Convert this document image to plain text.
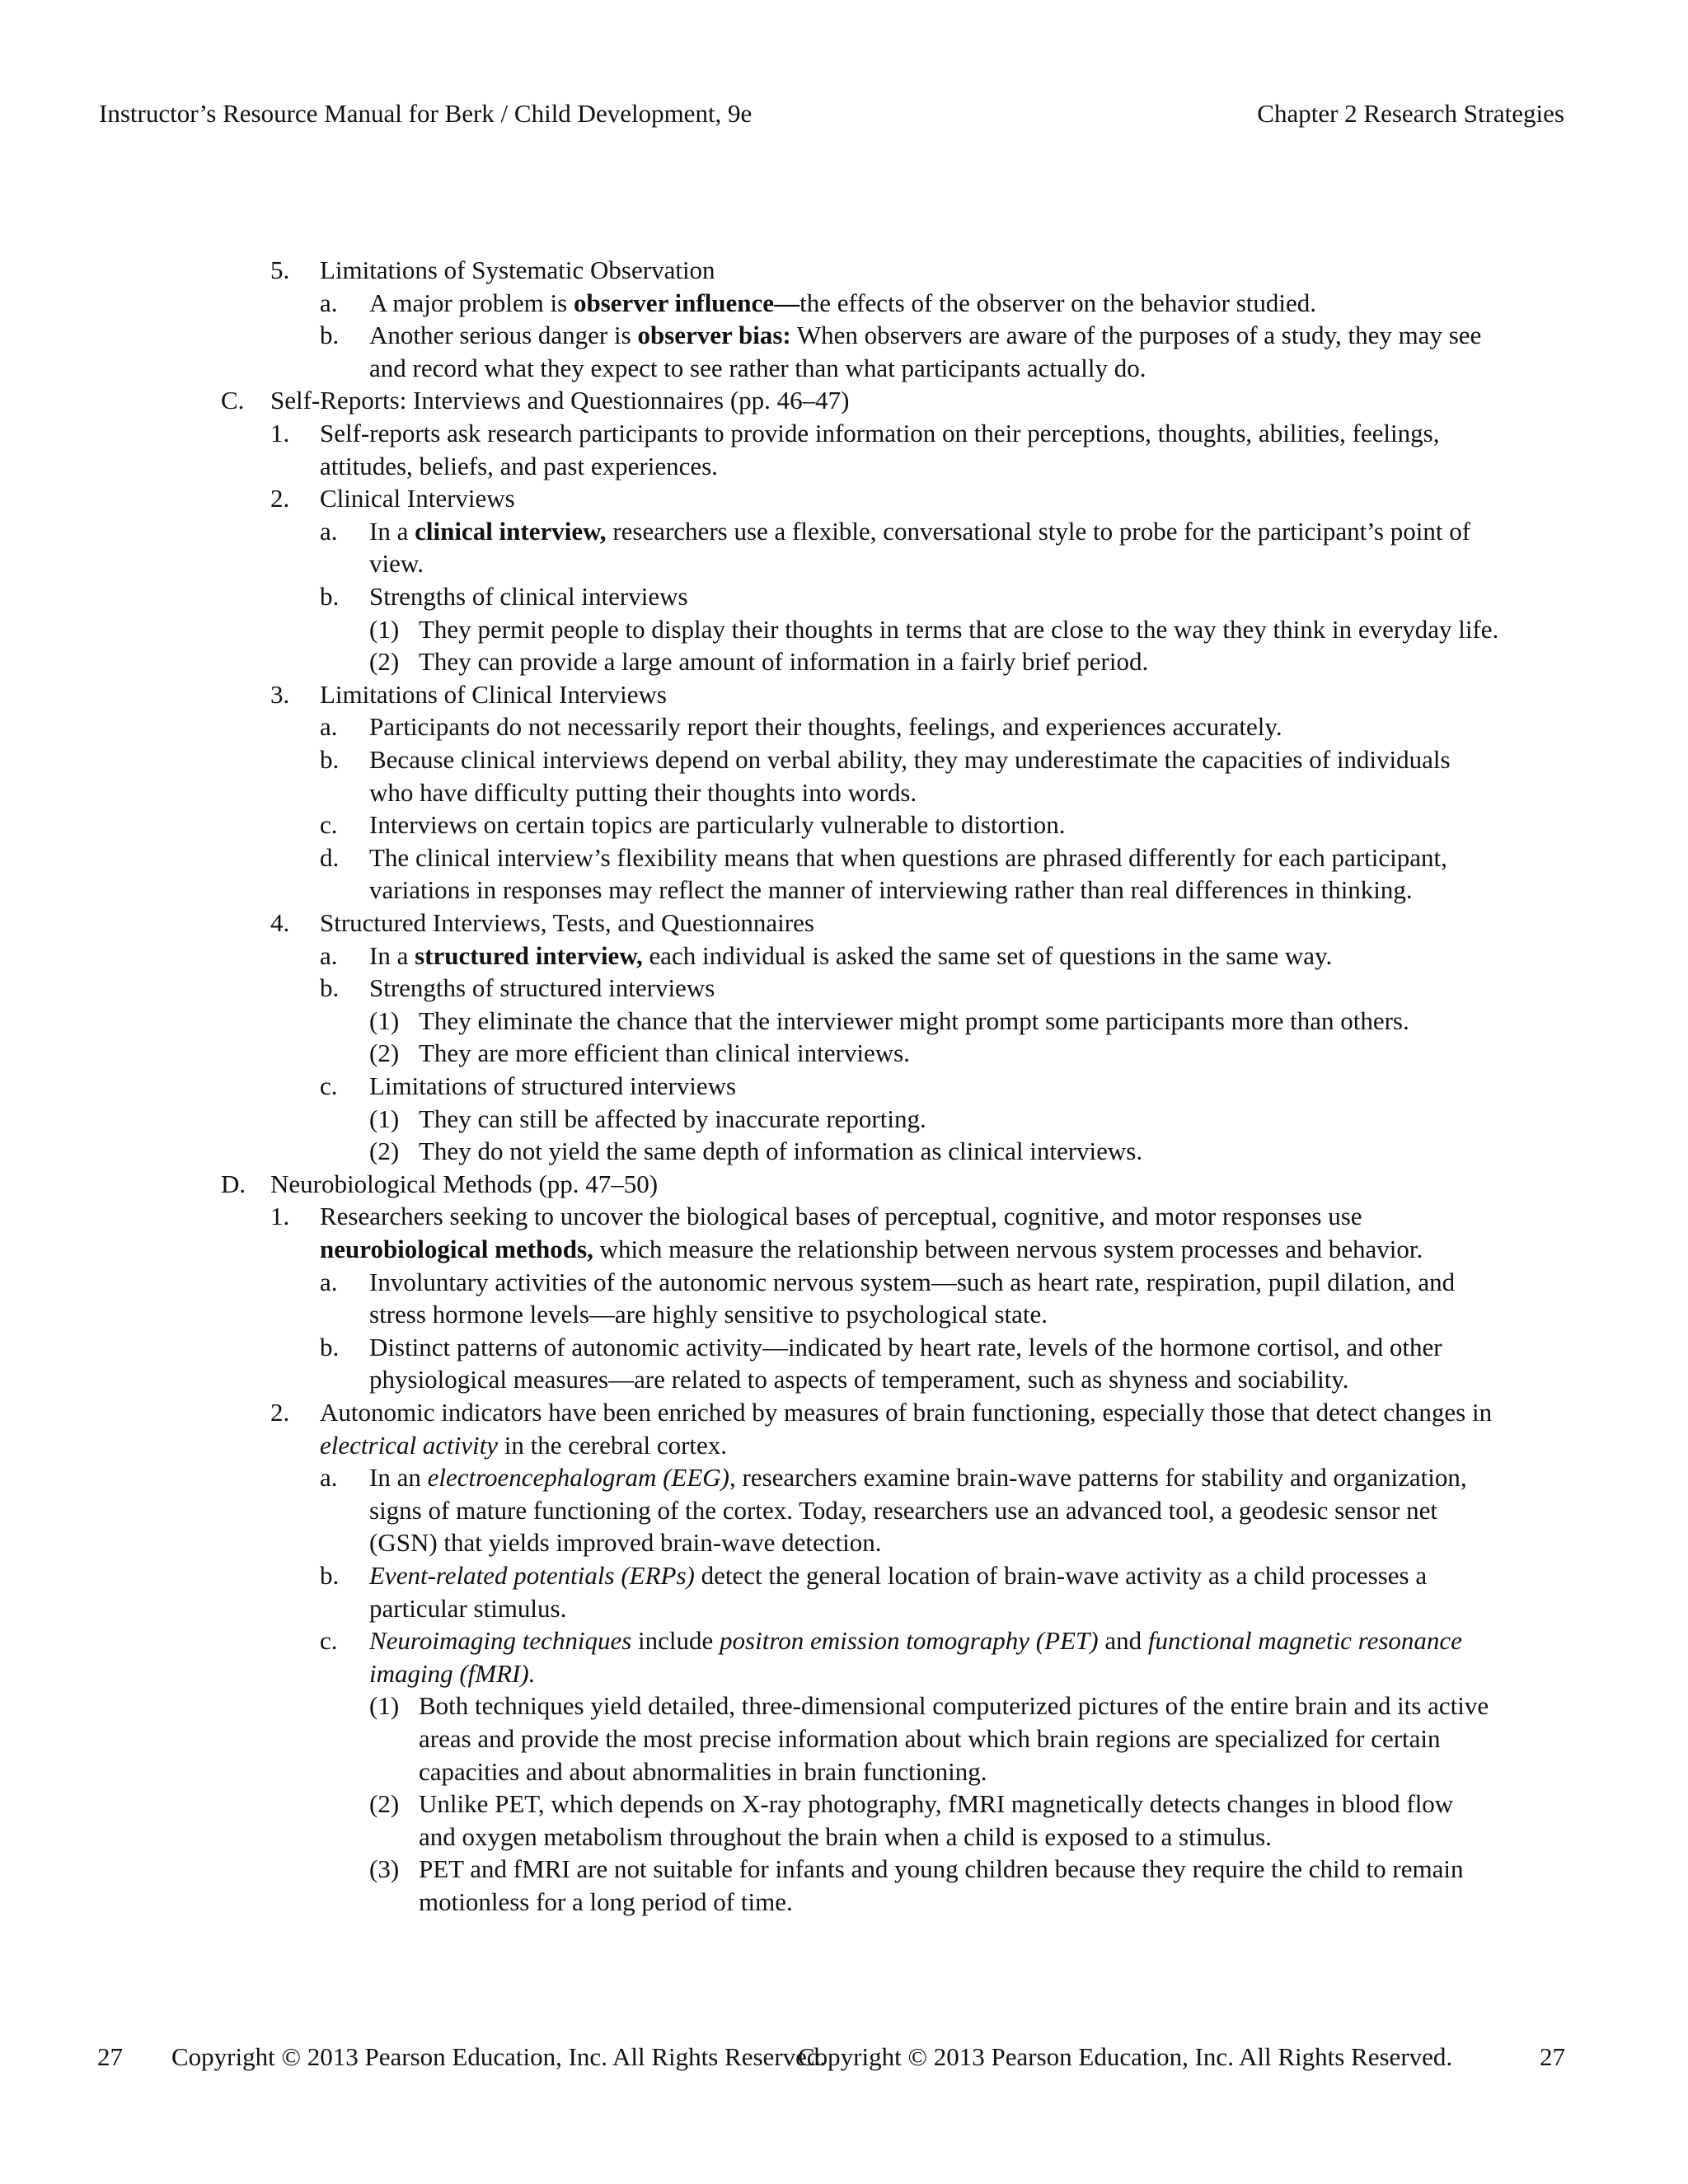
Instructor’s Resource Manual for Berk / Child Development, 9e	Chapter 2 Research Strategies
5. Limitations of Systematic Observation
a. A major problem is observer influence—the effects of the observer on the behavior studied.
b. Another serious danger is observer bias: When observers are aware of the purposes of a study, they may see
and record what they expect to see rather than what participants actually do.
C. Self-Reports: Interviews and Questionnaires (pp. 46–47)
1. Self-reports ask research participants to provide information on their perceptions, thoughts, abilities, feelings,
attitudes, beliefs, and past experiences.
2. Clinical Interviews
a. In a clinical interview, researchers use a flexible, conversational style to probe for the participant’s point of
view.
b. Strengths of clinical interviews
(1) They permit people to display their thoughts in terms that are close to the way they think in everyday life.
(2) They can provide a large amount of information in a fairly brief period.
3. Limitations of Clinical Interviews
a. Participants do not necessarily report their thoughts, feelings, and experiences accurately.
b. Because clinical interviews depend on verbal ability, they may underestimate the capacities of individuals
who have difficulty putting their thoughts into words.
c. Interviews on certain topics are particularly vulnerable to distortion.
d. The clinical interview’s flexibility means that when questions are phrased differently for each participant,
variations in responses may reflect the manner of interviewing rather than real differences in thinking.
4. Structured Interviews, Tests, and Questionnaires
a. In a structured interview, each individual is asked the same set of questions in the same way.
b. Strengths of structured interviews
(1) They eliminate the chance that the interviewer might prompt some participants more than others.
(2) They are more efficient than clinical interviews.
c. Limitations of structured interviews
(1) They can still be affected by inaccurate reporting.
(2) They do not yield the same depth of information as clinical interviews.
D. Neurobiological Methods (pp. 47–50)
1. Researchers seeking to uncover the biological bases of perceptual, cognitive, and motor responses use
neurobiological methods, which measure the relationship between nervous system processes and behavior.
a. Involuntary activities of the autonomic nervous system—such as heart rate, respiration, pupil dilation, and
stress hormone levels—are highly sensitive to psychological state.
b. Distinct patterns of autonomic activity—indicated by heart rate, levels of the hormone cortisol, and other
physiological measures—are related to aspects of temperament, such as shyness and sociability.
2. Autonomic indicators have been enriched by measures of brain functioning, especially those that detect changes in
electrical activity in the cerebral cortex.
a. In an electroencephalogram (EEG), researchers examine brain-wave patterns for stability and organization,
signs of mature functioning of the cortex. Today, researchers use an advanced tool, a geodesic sensor net
(GSN) that yields improved brain-wave detection.
b. Event-related potentials (ERPs) detect the general location of brain-wave activity as a child processes a
particular stimulus.
c. Neuroimaging techniques include positron emission tomography (PET) and functional magnetic resonance
imaging (fMRI).
(1) Both techniques yield detailed, three-dimensional computerized pictures of the entire brain and its active
areas and provide the most precise information about which brain regions are specialized for certain
capacities and about abnormalities in brain functioning.
(2) Unlike PET, which depends on X-ray photography, fMRI magnetically detects changes in blood flow
and oxygen metabolism throughout the brain when a child is exposed to a stimulus.
(3) PET and fMRI are not suitable for infants and young children because they require the child to remain
motionless for a long period of time.
27 Copyright © 2013 Pearson Education, Inc. All Rights Reserved.
Copyright © 2013 Pearson Education, Inc. All Rights Reserved.	27
